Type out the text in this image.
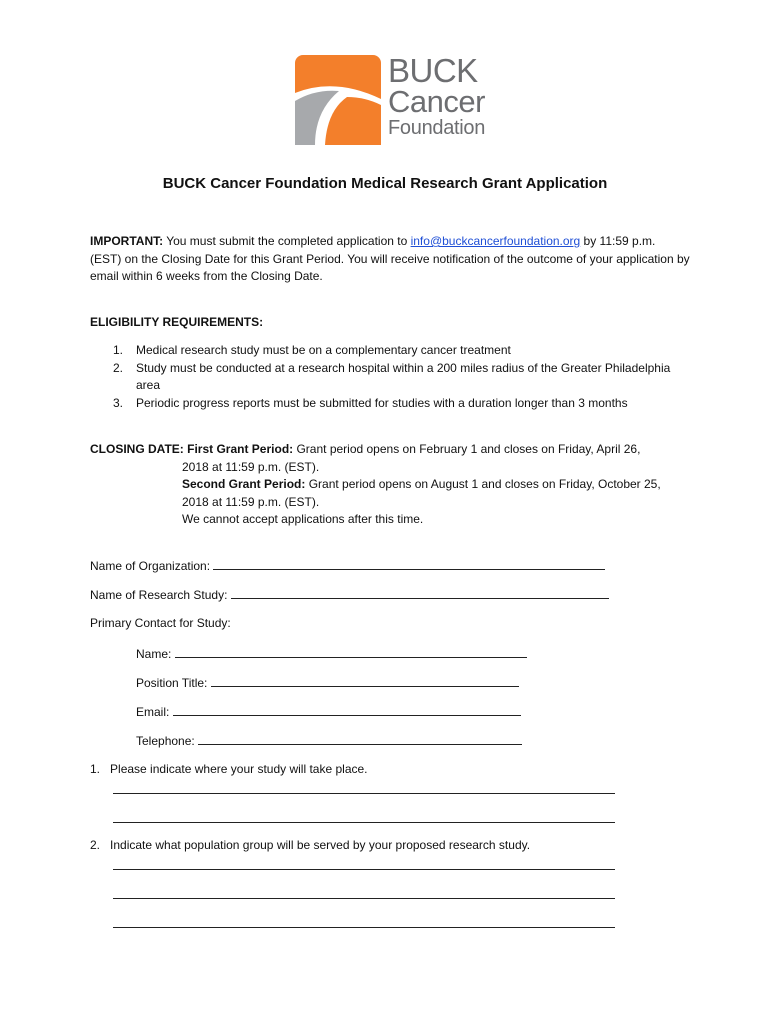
BUCK
Cancer
Foundation
BUCK Cancer Foundation Medical Research Grant Application
IMPORTANT: You must submit the completed application to info@buckcancerfoundation.org by 11:59 p.m. (EST) on the Closing Date for this Grant Period. You will receive notification of the outcome of your application by email within 6 weeks from the Closing Date.
ELIGIBILITY REQUIREMENTS:
1. Medical research study must be on a complementary cancer treatment
2. Study must be conducted at a research hospital within a 200 miles radius of the Greater Philadelphia area
3. Periodic progress reports must be submitted for studies with a duration longer than 3 months
CLOSING DATE: First Grant Period: Grant period opens on February 1 and closes on Friday, April 26,
2018 at 11:59 p.m. (EST).
Second Grant Period: Grant period opens on August 1 and closes on Friday, October 25,
2018 at 11:59 p.m. (EST).
We cannot accept applications after this time.
Name of Organization:
Name of Research Study:
Primary Contact for Study:
Name:
Position Title:
Email:
Telephone:
1. Please indicate where your study will take place.
2. Indicate what population group will be served by your proposed research study.
